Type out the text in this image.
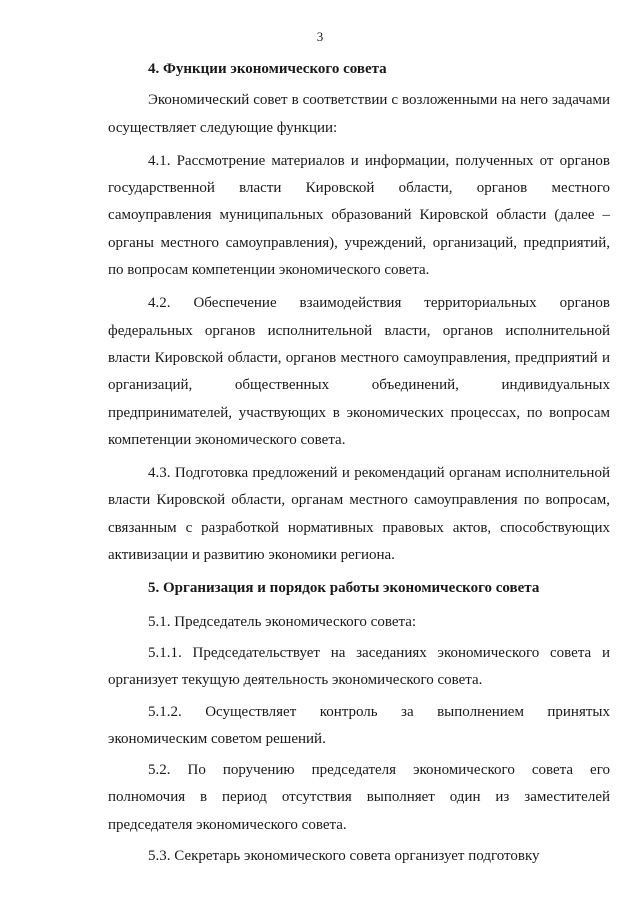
3

4. Функции экономического совета

Экономический совет в соответствии с возложенными на него задачами осуществляет следующие функции:

4.1. Рассмотрение материалов и информации, полученных от органов государственной власти Кировской области, органов местного самоуправления муниципальных образований Кировской области (далее – органы местного самоуправления), учреждений, организаций, предприятий, по вопросам компетенции экономического совета.

4.2. Обеспечение взаимодействия территориальных органов федеральных органов исполнительной власти, органов исполнительной власти Кировской области, органов местного самоуправления, предприятий и организаций, общественных объединений, индивидуальных предпринимателей, участвующих в экономических процессах, по вопросам компетенции экономического совета.

4.3. Подготовка предложений и рекомендаций органам исполнительной власти Кировской области, органам местного самоуправления по вопросам, связанным с разработкой нормативных правовых актов, способствующих активизации и развитию экономики региона.

5. Организация и порядок работы экономического совета

5.1. Председатель экономического совета:

5.1.1. Председательствует на заседаниях экономического совета и организует текущую деятельность экономического совета.

5.1.2. Осуществляет контроль за выполнением принятых экономическим советом решений.

5.2. По поручению председателя экономического совета его полномочия в период отсутствия выполняет один из заместителей председателя экономического совета.

5.3. Секретарь экономического совета организует подготовку
